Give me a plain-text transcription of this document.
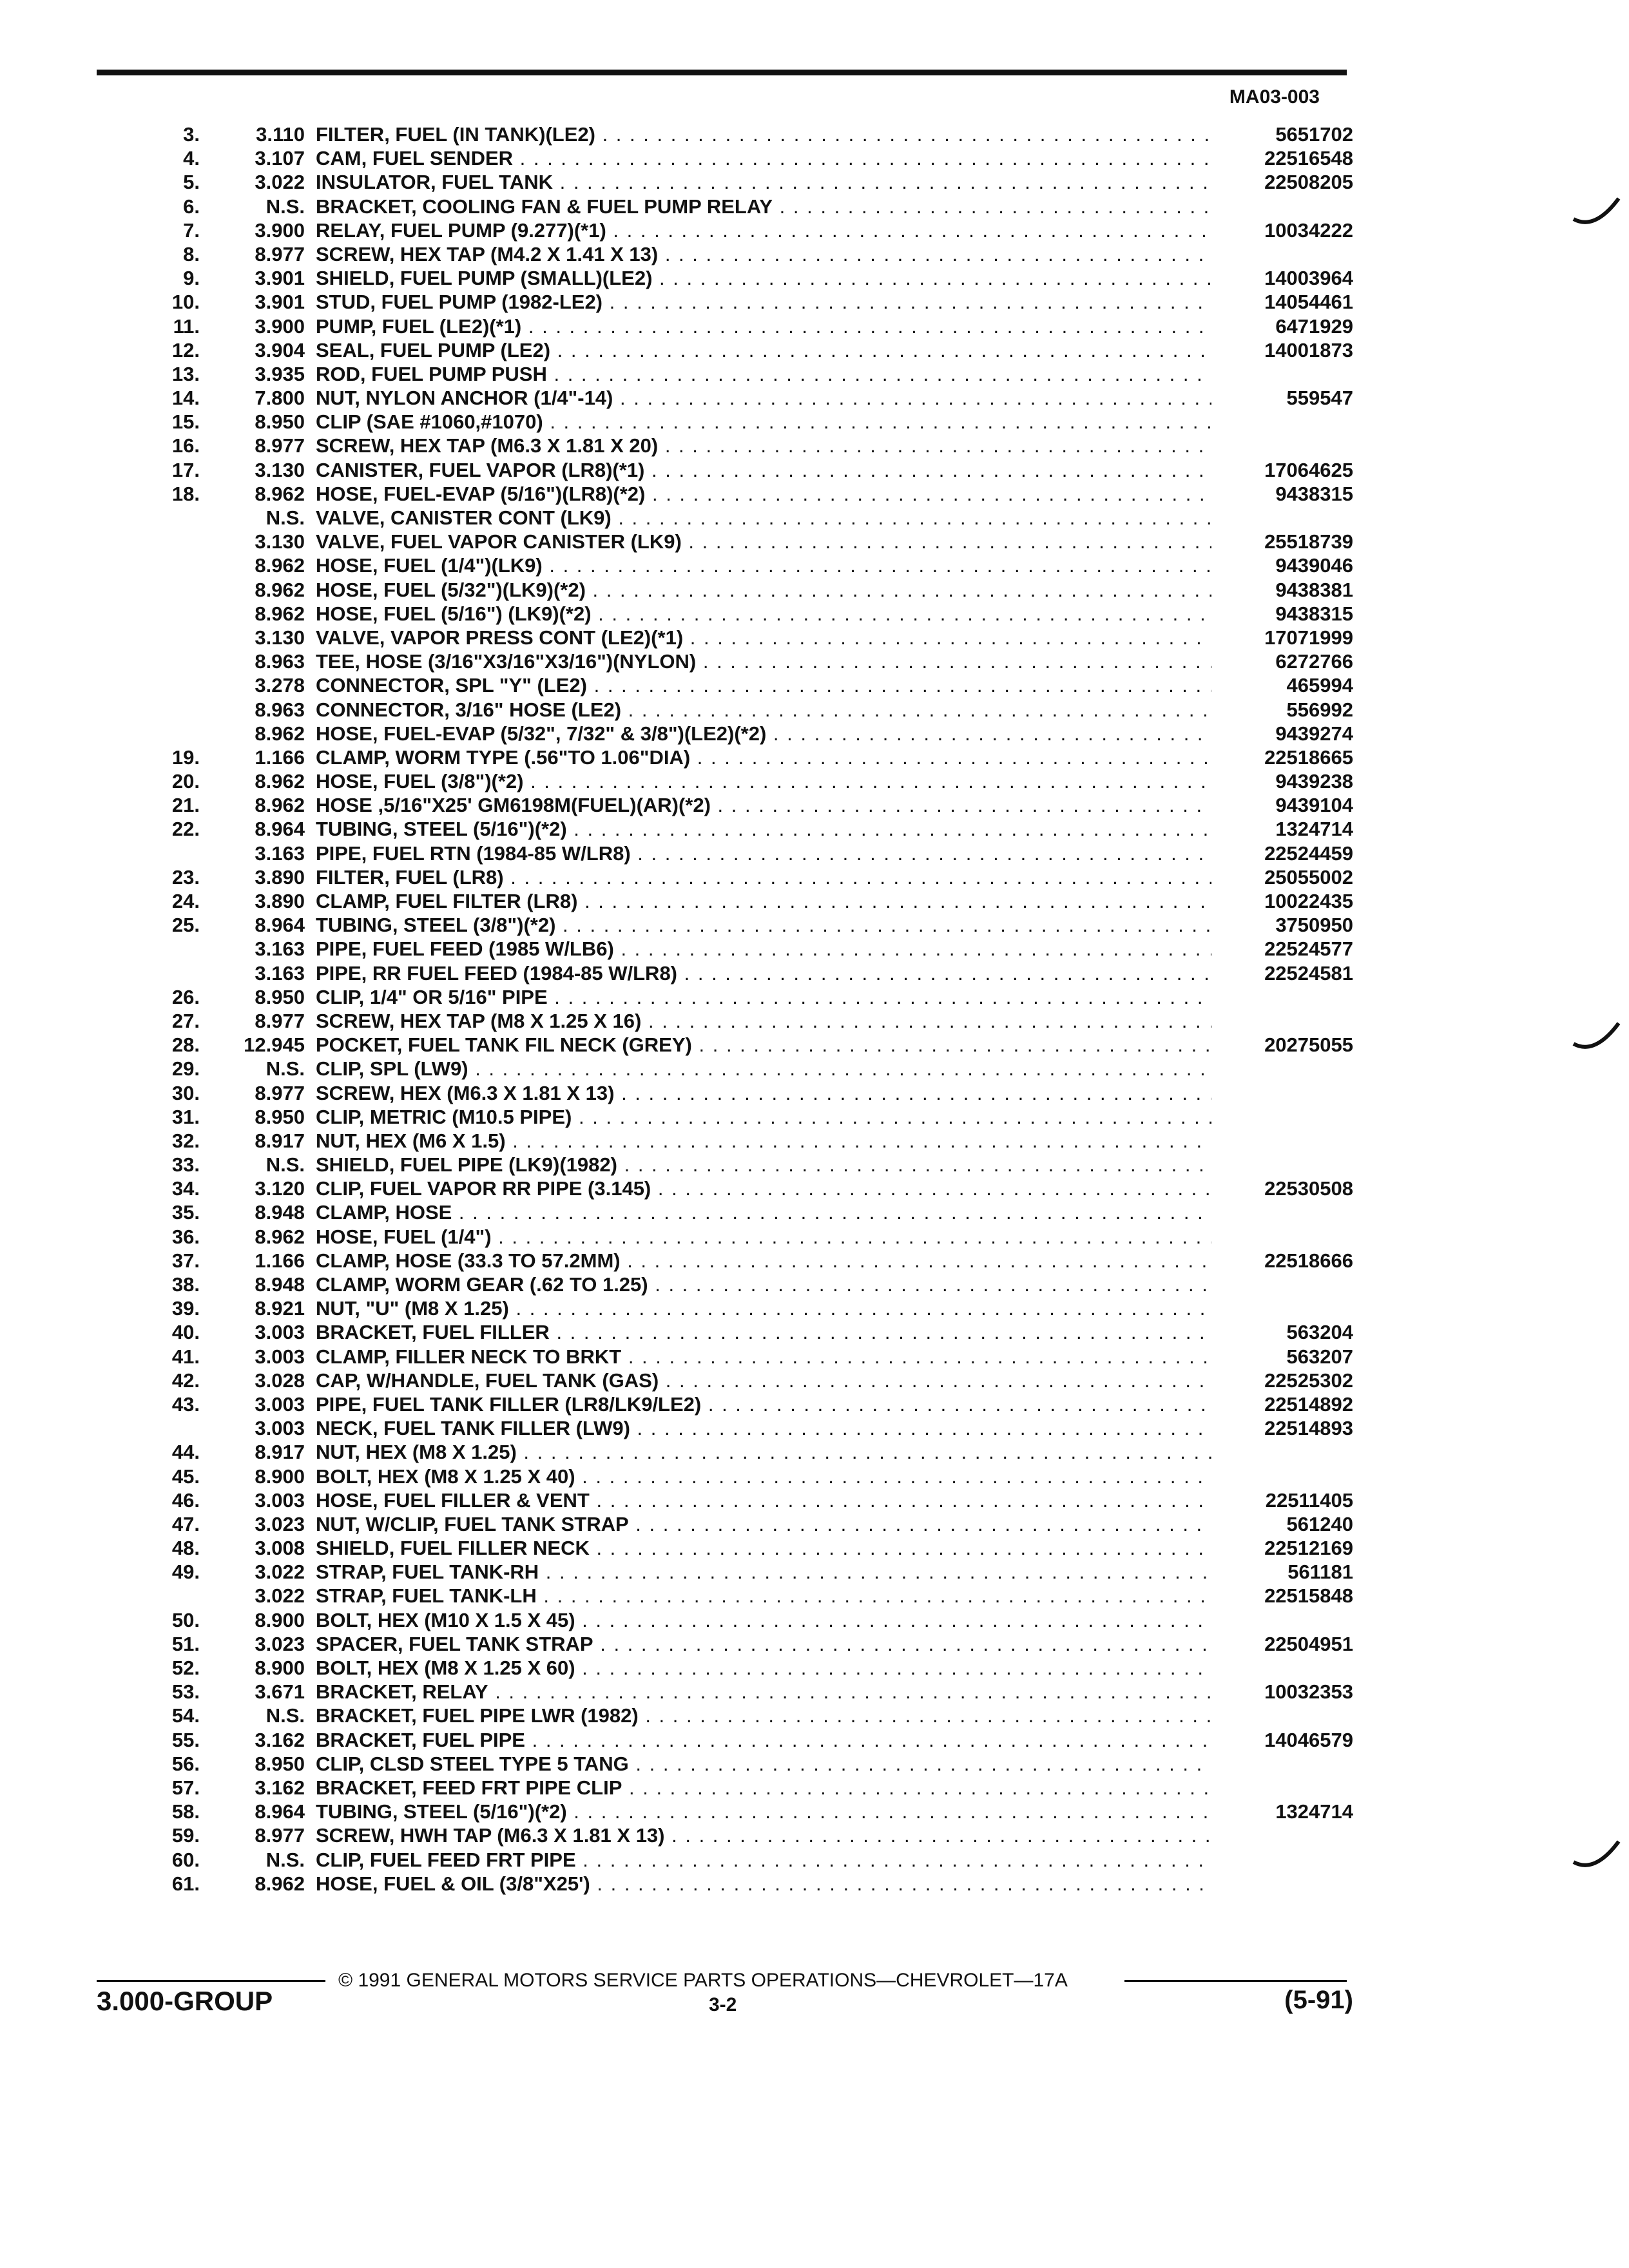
MA03-003
3.	3.110 FILTER, FUEL (IN TANK)(LE2) . . .	5651702
4.	3.107 CAM, FUEL SENDER . . .	22516548
5.	3.022 INSULATOR, FUEL TANK . . .	22508205
6.	N.S. BRACKET, COOLING FAN & FUEL PUMP RELAY . . .
7.	3.900 RELAY, FUEL PUMP (9.277)(*1) . . .	10034222
8.	8.977 SCREW, HEX TAP (M4.2 X 1.41 X 13) . . .
9.	3.901 SHIELD, FUEL PUMP (SMALL)(LE2) . . .	14003964
10.	3.901 STUD, FUEL PUMP (1982-LE2) . . .	14054461
11.	3.900 PUMP, FUEL (LE2)(*1) . . .	6471929
12.	3.904 SEAL, FUEL PUMP (LE2) . . .	14001873
13.	3.935 ROD, FUEL PUMP PUSH . . .
14.	7.800 NUT, NYLON ANCHOR (1/4"-14) . . .	559547
15.	8.950 CLIP (SAE #1060,#1070) . . .
16.	8.977 SCREW, HEX TAP (M6.3 X 1.81 X 20) . . .
17.	3.130 CANISTER, FUEL VAPOR (LR8)(*1) . . .	17064625
18.	8.962 HOSE, FUEL-EVAP (5/16")(LR8)(*2) . . .	9438315
N.S. VALVE, CANISTER CONT (LK9) . . .
3.130 VALVE, FUEL VAPOR CANISTER (LK9) . . .	25518739
8.962 HOSE, FUEL (1/4")(LK9) . . .	9439046
8.962 HOSE, FUEL (5/32")(LK9)(*2) . . .	9438381
8.962 HOSE, FUEL (5/16") (LK9)(*2) . . .	9438315
3.130 VALVE, VAPOR PRESS CONT (LE2)(*1) . . .	17071999
8.963 TEE, HOSE (3/16"X3/16"X3/16")(NYLON) . . .	6272766
3.278 CONNECTOR, SPL "Y" (LE2) . . .	465994
8.963 CONNECTOR, 3/16" HOSE (LE2) . . .	556992
8.962 HOSE, FUEL-EVAP (5/32", 7/32" & 3/8")(LE2)(*2) . . .	9439274
19.	1.166 CLAMP, WORM TYPE (.56"TO 1.06"DIA) . . .	22518665
20.	8.962 HOSE, FUEL (3/8")(*2) . . .	9439238
21.	8.962 HOSE ,5/16"X25' GM6198M(FUEL)(AR)(*2) . . .	9439104
22.	8.964 TUBING, STEEL (5/16")(*2) . . .	1324714
3.163 PIPE, FUEL RTN (1984-85 W/LR8) . . .	22524459
23.	3.890 FILTER, FUEL (LR8) . . .	25055002
24.	3.890 CLAMP, FUEL FILTER (LR8) . . .	10022435
25.	8.964 TUBING, STEEL (3/8")(*2) . . .	3750950
3.163 PIPE, FUEL FEED (1985 W/LB6) . . .	22524577
3.163 PIPE, RR FUEL FEED (1984-85 W/LR8) . . .	22524581
26.	8.950 CLIP, 1/4" OR 5/16" PIPE . . .
27.	8.977 SCREW, HEX TAP (M8 X 1.25 X 16) . . .
28. 12.945 POCKET, FUEL TANK FIL NECK (GREY) . . .	20275055
29.	N.S. CLIP, SPL (LW9) . . .
30.	8.977 SCREW, HEX (M6.3 X 1.81 X 13) . . .
31.	8.950 CLIP, METRIC (M10.5 PIPE) . . .
32.	8.917 NUT, HEX (M6 X 1.5) . . .
33.	N.S. SHIELD, FUEL PIPE (LK9)(1982) . . .
34.	3.120 CLIP, FUEL VAPOR RR PIPE (3.145) . . .	22530508
35.	8.948 CLAMP, HOSE . . .
36.	8.962 HOSE, FUEL (1/4") . . .
37.	1.166 CLAMP, HOSE (33.3 TO 57.2MM) . . .	22518666
38.	8.948 CLAMP, WORM GEAR (.62 TO 1.25) . . .
39.	8.921 NUT, "U" (M8 X 1.25) . . .
40.	3.003 BRACKET, FUEL FILLER . . .	563204
41.	3.003 CLAMP, FILLER NECK TO BRKT . . .	563207
42.	3.028 CAP, W/HANDLE, FUEL TANK (GAS) . . .	22525302
43.	3.003 PIPE, FUEL TANK FILLER (LR8/LK9/LE2) . . .	22514892
3.003 NECK, FUEL TANK FILLER (LW9) . . .	22514893
44.	8.917 NUT, HEX (M8 X 1.25) . . .
45.	8.900 BOLT, HEX (M8 X 1.25 X 40) . . .
46.	3.003 HOSE, FUEL FILLER & VENT . . .	22511405
47.	3.023 NUT, W/CLIP, FUEL TANK STRAP . . .	561240
48.	3.008 SHIELD, FUEL FILLER NECK . . .	22512169
49.	3.022 STRAP, FUEL TANK-RH . . .	561181
3.022 STRAP, FUEL TANK-LH . . .	22515848
50.	8.900 BOLT, HEX (M10 X 1.5 X 45) . . .
51.	3.023 SPACER, FUEL TANK STRAP . . .	22504951
52.	8.900 BOLT, HEX (M8 X 1.25 X 60) . . .
53.	3.671 BRACKET, RELAY . . .	10032353
54.	N.S. BRACKET, FUEL PIPE LWR (1982) . . .
55.	3.162 BRACKET, FUEL PIPE . . .	14046579
56.	8.950 CLIP, CLSD STEEL TYPE 5 TANG . . .
57.	3.162 BRACKET, FEED FRT PIPE CLIP . . .
58.	8.964 TUBING, STEEL (5/16")(*2) . . .	1324714
59.	8.977 SCREW, HWH TAP (M6.3 X 1.81 X 13) . . .
60.	N.S. CLIP, FUEL FEED FRT PIPE . . .
61.	8.962 HOSE, FUEL & OIL (3/8"X25') . . .
© 1991 GENERAL MOTORS SERVICE PARTS OPERATIONS—CHEVROLET—17A
3.000-GROUP	3-2	(5-91)
